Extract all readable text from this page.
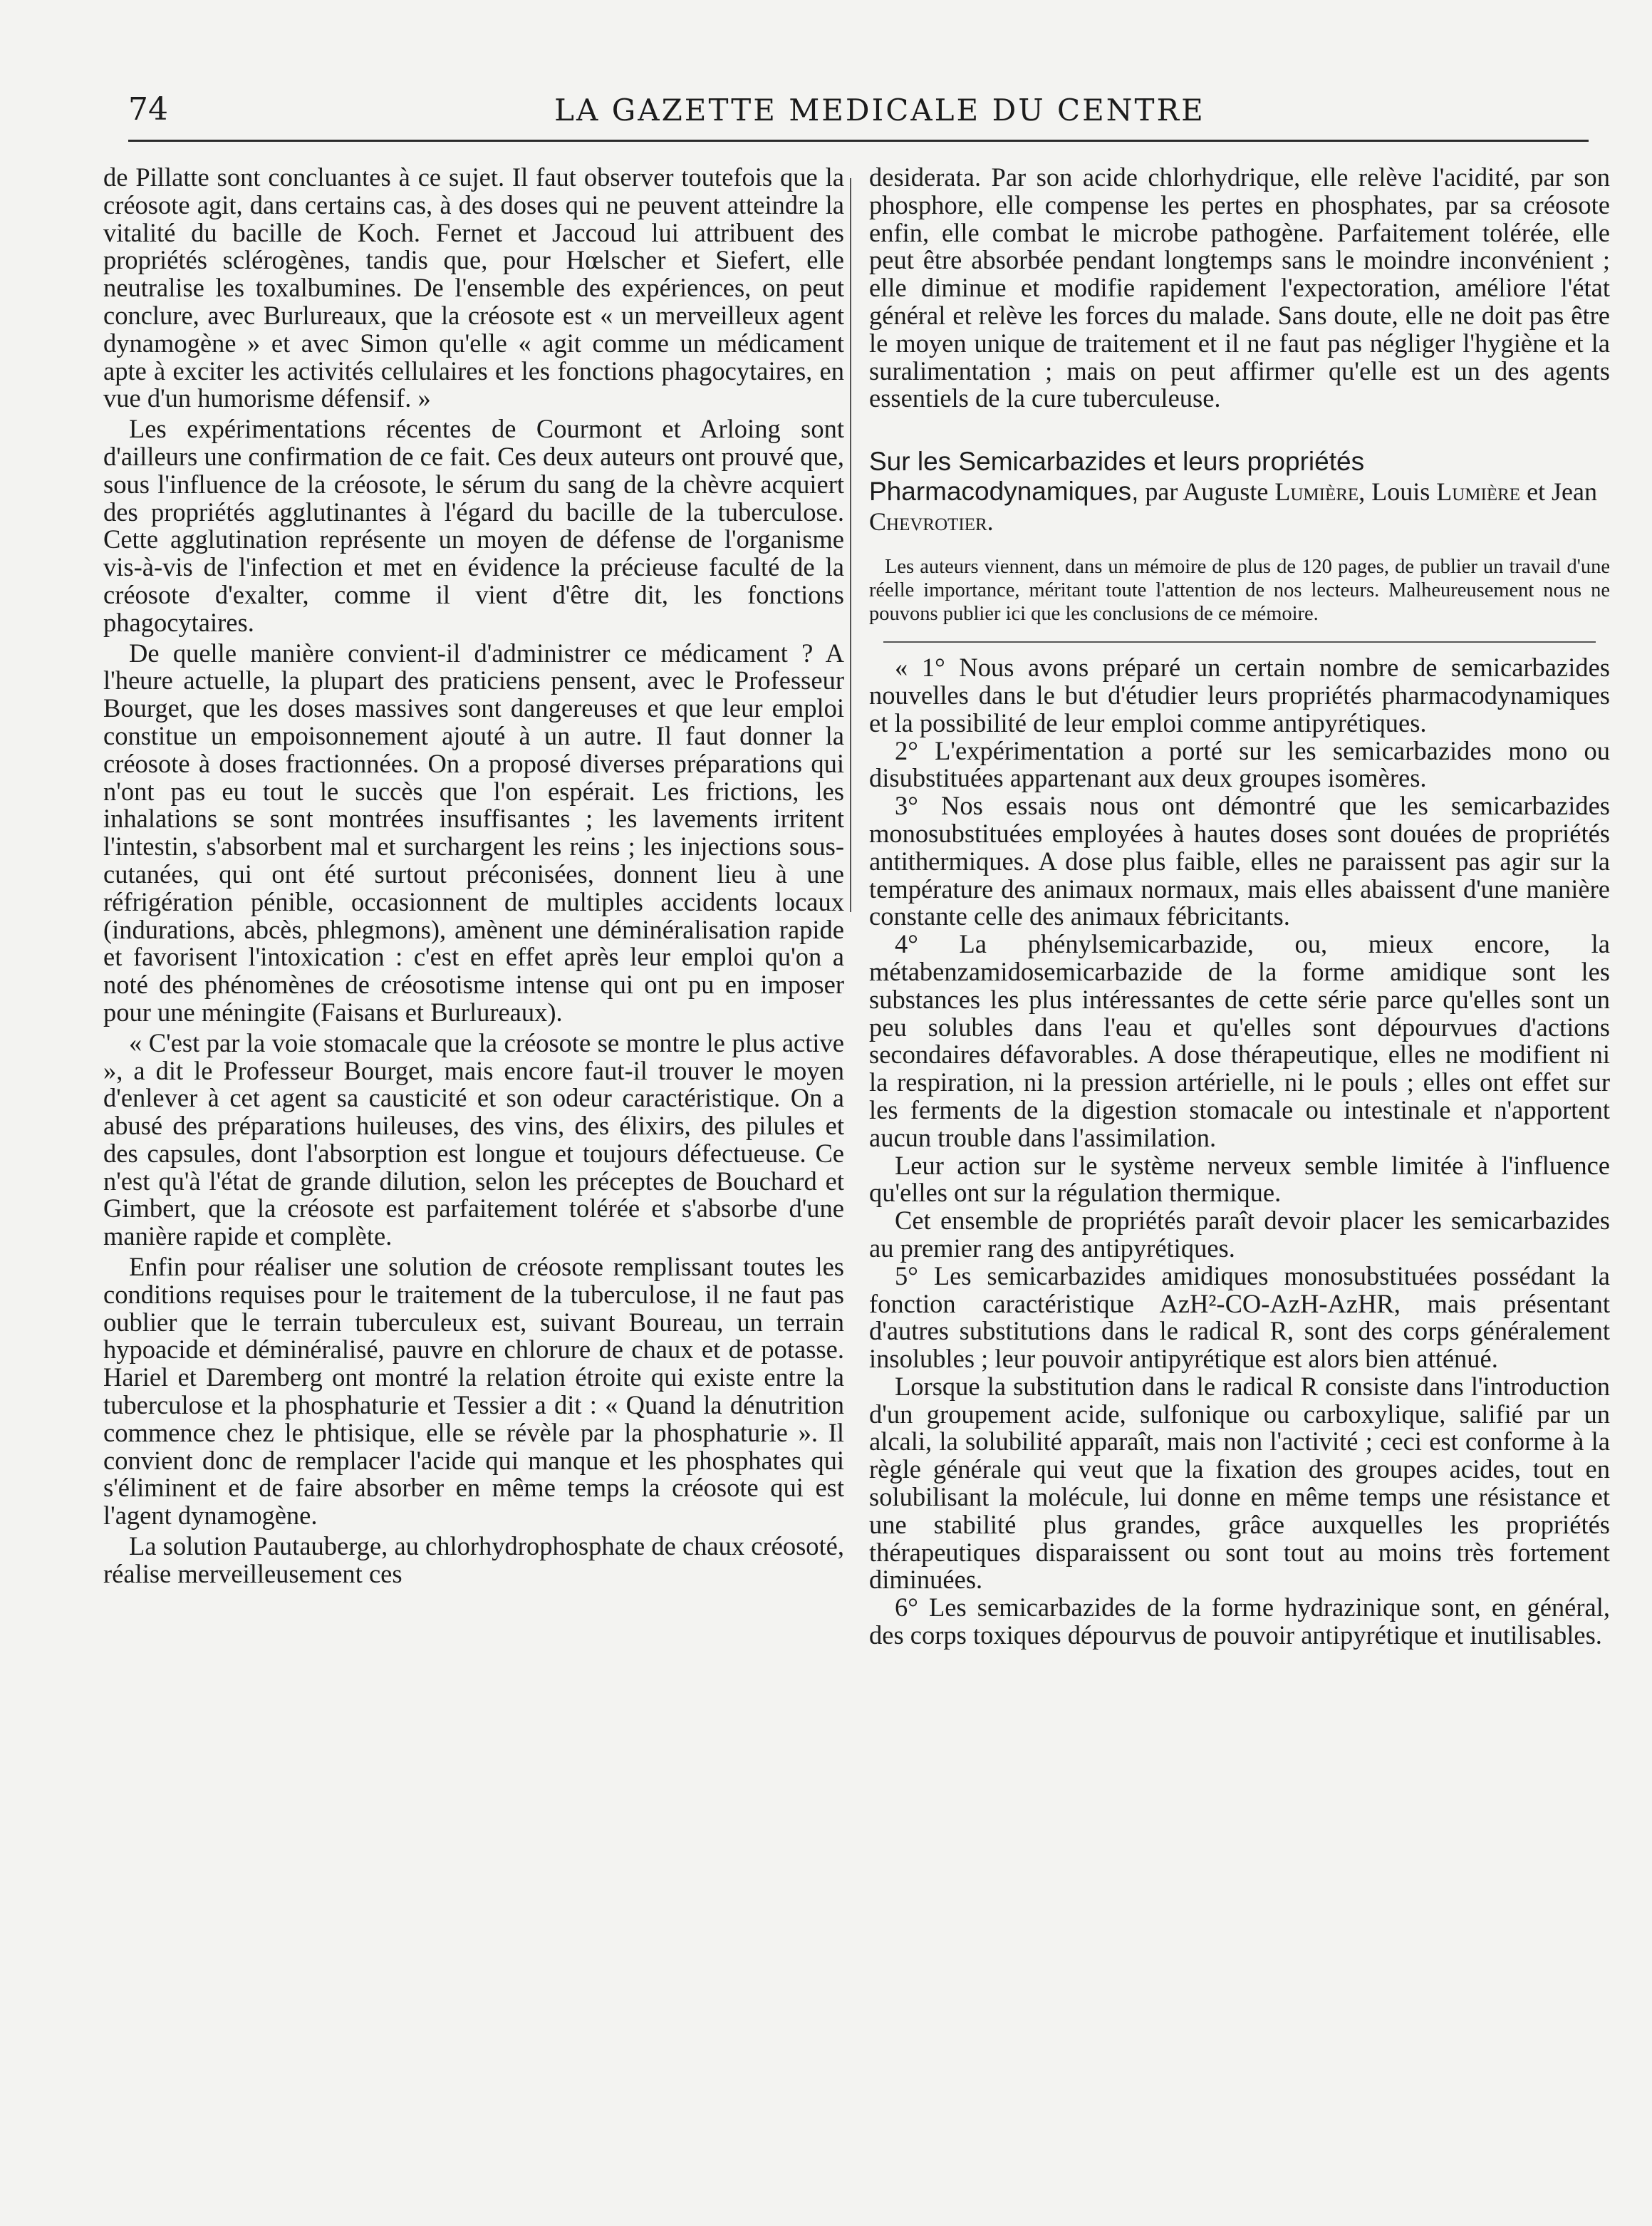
74	LA GAZETTE MEDICALE DU CENTRE

de Pillatte sont concluantes à ce sujet. Il faut observer toutefois que la créosote agit, dans certains cas, à des doses qui ne peuvent atteindre la vitalité du bacille de Koch. Fernet et Jaccoud lui attribuent des propriétés sclérogènes, tandis que, pour Hœlscher et Siefert, elle neutralise les toxalbumines. De l'ensemble des expériences, on peut conclure, avec Burlureaux, que la créosote est « un merveilleux agent dynamogène » et avec Simon qu'elle « agit comme un médicament apte à exciter les activités cellulaires et les fonctions phagocytaires, en vue d'un humorisme défensif. »

Les expérimentations récentes de Courmont et Arloing sont d'ailleurs une confirmation de ce fait. Ces deux auteurs ont prouvé que, sous l'influence de la créosote, le sérum du sang de la chèvre acquiert des propriétés agglutinantes à l'égard du bacille de la tuberculose. Cette agglutination représente un moyen de défense de l'organisme vis-à-vis de l'infection et met en évidence la précieuse faculté de la créosote d'exalter, comme il vient d'être dit, les fonctions phagocytaires.

De quelle manière convient-il d'administrer ce médicament ? A l'heure actuelle, la plupart des praticiens pensent, avec le Professeur Bourget, que les doses massives sont dangereuses et que leur emploi constitue un empoisonnement ajouté à un autre. Il faut donner la créosote à doses fractionnées. On a proposé diverses préparations qui n'ont pas eu tout le succès que l'on espérait. Les frictions, les inhalations se sont montrées insuffisantes ; les lavements irritent l'intestin, s'absorbent mal et surchargent les reins ; les injections sous-cutanées, qui ont été surtout préconisées, donnent lieu à une réfrigération pénible, occasionnent de multiples accidents locaux (indurations, abcès, phlegmons), amènent une déminéralisation rapide et favorisent l'intoxication : c'est en effet après leur emploi qu'on a noté des phénomènes de créosotisme intense qui ont pu en imposer pour une méningite (Faisans et Burlureaux).

« C'est par la voie stomacale que la créosote se montre le plus active », a dit le Professeur Bourget, mais encore faut-il trouver le moyen d'enlever à cet agent sa causticité et son odeur caractéristique. On a abusé des préparations huileuses, des vins, des élixirs, des pilules et des capsules, dont l'absorption est longue et toujours défectueuse. Ce n'est qu'à l'état de grande dilution, selon les préceptes de Bouchard et Gimbert, que la créosote est parfaitement tolérée et s'absorbe d'une manière rapide et complète.

Enfin pour réaliser une solution de créosote remplissant toutes les conditions requises pour le traitement de la tuberculose, il ne faut pas oublier que le terrain tuberculeux est, suivant Boureau, un terrain hypoacide et déminéralisé, pauvre en chlorure de chaux et de potasse. Hariel et Daremberg ont montré la relation étroite qui existe entre la tuberculose et la phosphaturie et Tessier a dit : « Quand la dénutrition commence chez le phtisique, elle se révèle par la phosphaturie ». Il convient donc de remplacer l'acide qui manque et les phosphates qui s'éliminent et de faire absorber en même temps la créosote qui est l'agent dynamogène.

La solution Pautauberge, au chlorhydrophosphate de chaux créosoté, réalise merveilleusement ces

desiderata. Par son acide chlorhydrique, elle relève l'acidité, par son phosphore, elle compense les pertes en phosphates, par sa créosote enfin, elle combat le microbe pathogène. Parfaitement tolérée, elle peut être absorbée pendant longtemps sans le moindre inconvénient ; elle diminue et modifie rapidement l'expectoration, améliore l'état général et relève les forces du malade. Sans doute, elle ne doit pas être le moyen unique de traitement et il ne faut pas négliger l'hygiène et la suralimentation ; mais on peut affirmer qu'elle est un des agents essentiels de la cure tuberculeuse.

Sur les Semicarbazides et leurs propriétés Pharmacodynamiques, par Auguste Lumière, Louis Lumière et Jean Chevrotier.

Les auteurs viennent, dans un mémoire de plus de 120 pages, de publier un travail d'une réelle importance, méritant toute l'attention de nos lecteurs. Malheureusement nous ne pouvons publier ici que les conclusions de ce mémoire.

« 1° Nous avons préparé un certain nombre de semicarbazides nouvelles dans le but d'étudier leurs propriétés pharmacodynamiques et la possibilité de leur emploi comme antipyrétiques.

2° L'expérimentation a porté sur les semicarbazides mono ou disubstituées appartenant aux deux groupes isomères.

3° Nos essais nous ont démontré que les semicarbazides monosubstituées employées à hautes doses sont douées de propriétés antithermiques. A dose plus faible, elles ne paraissent pas agir sur la température des animaux normaux, mais elles abaissent d'une manière constante celle des animaux fébricitants.

4° La phénylsemicarbazide, ou, mieux encore, la métabenzamidosemicarbazide de la forme amidique sont les substances les plus intéressantes de cette série parce qu'elles sont un peu solubles dans l'eau et qu'elles sont dépourvues d'actions secondaires défavorables. A dose thérapeutique, elles ne modifient ni la respiration, ni la pression artérielle, ni le pouls ; elles ont effet sur les ferments de la digestion stomacale ou intestinale et n'apportent aucun trouble dans l'assimilation.

Leur action sur le système nerveux semble limitée à l'influence qu'elles ont sur la régulation thermique.

Cet ensemble de propriétés paraît devoir placer les semicarbazides au premier rang des antipyrétiques.

5° Les semicarbazides amidiques monosubstituées possédant la fonction caractéristique AzH²-CO-AzH-AzHR, mais présentant d'autres substitutions dans le radical R, sont des corps généralement insolubles ; leur pouvoir antipyrétique est alors bien atténué.

Lorsque la substitution dans le radical R consiste dans l'introduction d'un groupement acide, sulfonique ou carboxylique, salifié par un alcali, la solubilité apparaît, mais non l'activité ; ceci est conforme à la règle générale qui veut que la fixation des groupes acides, tout en solubilisant la molécule, lui donne en même temps une résistance et une stabilité plus grandes, grâce auxquelles les propriétés thérapeutiques disparaissent ou sont tout au moins très fortement diminuées.

6° Les semicarbazides de la forme hydrazinique sont, en général, des corps toxiques dépourvus de pouvoir antipyrétique et inutilisables.
